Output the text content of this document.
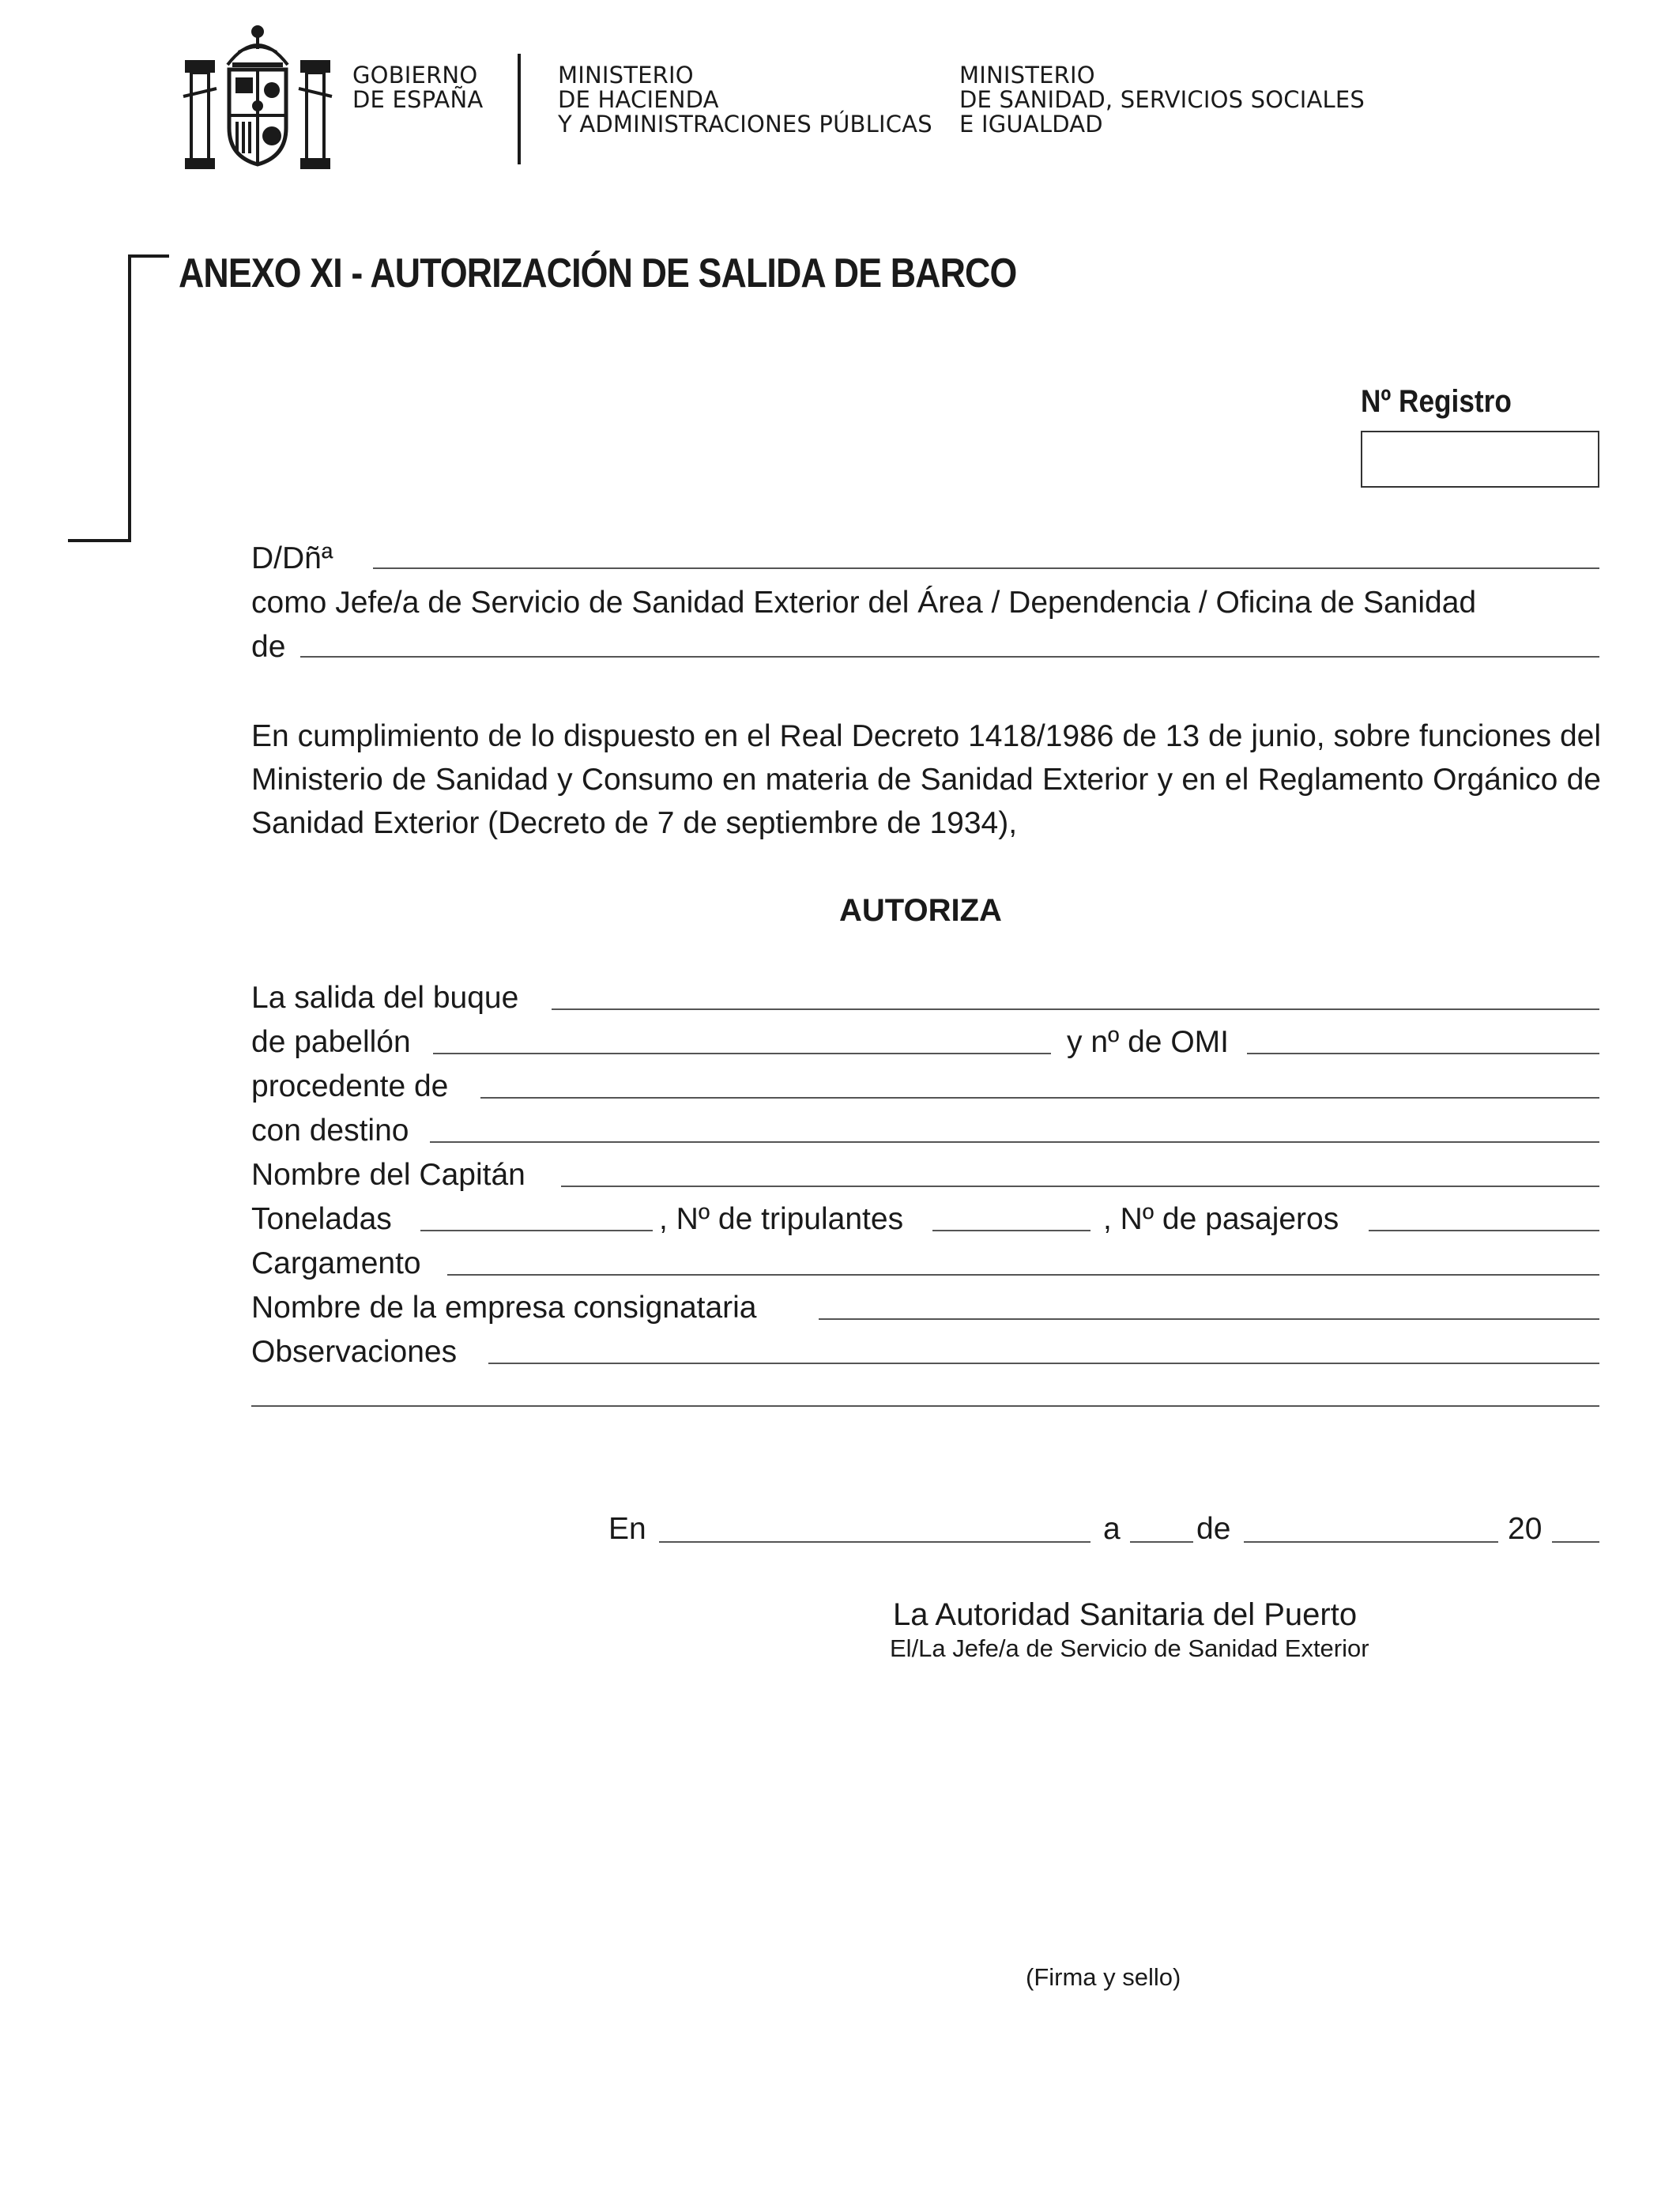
GOBIERNO
DE ESPAÑA
MINISTERIO
DE HACIENDA
Y ADMINISTRACIONES PÚBLICAS
MINISTERIO
DE SANIDAD, SERVICIOS SOCIALES
E IGUALDAD
ANEXO XI - AUTORIZACIÓN DE SALIDA DE BARCO
Nº Registro
D/Dñª
como Jefe/a de Servicio de Sanidad Exterior del Área / Dependencia / Oficina de Sanidad
de

En cumplimiento de lo dispuesto en el Real Decreto 1418/1986 de 13 de junio, sobre funciones del Ministerio de Sanidad y Consumo en materia de Sanidad Exterior y en el Reglamento Orgánico de Sanidad Exterior (Decreto de 7 de septiembre de 1934),

AUTORIZA
La salida del buque
de pabellón	y nº de OMI
procedente de
con destino
Nombre del Capitán
Toneladas	, Nº de tripulantes	, Nº de pasajeros
Cargamento
Nombre de la empresa consignataria
Observaciones
En	a de	20
La Autoridad Sanitaria del Puerto
El/La Jefe/a de Servicio de Sanidad Exterior
(Firma y sello)
